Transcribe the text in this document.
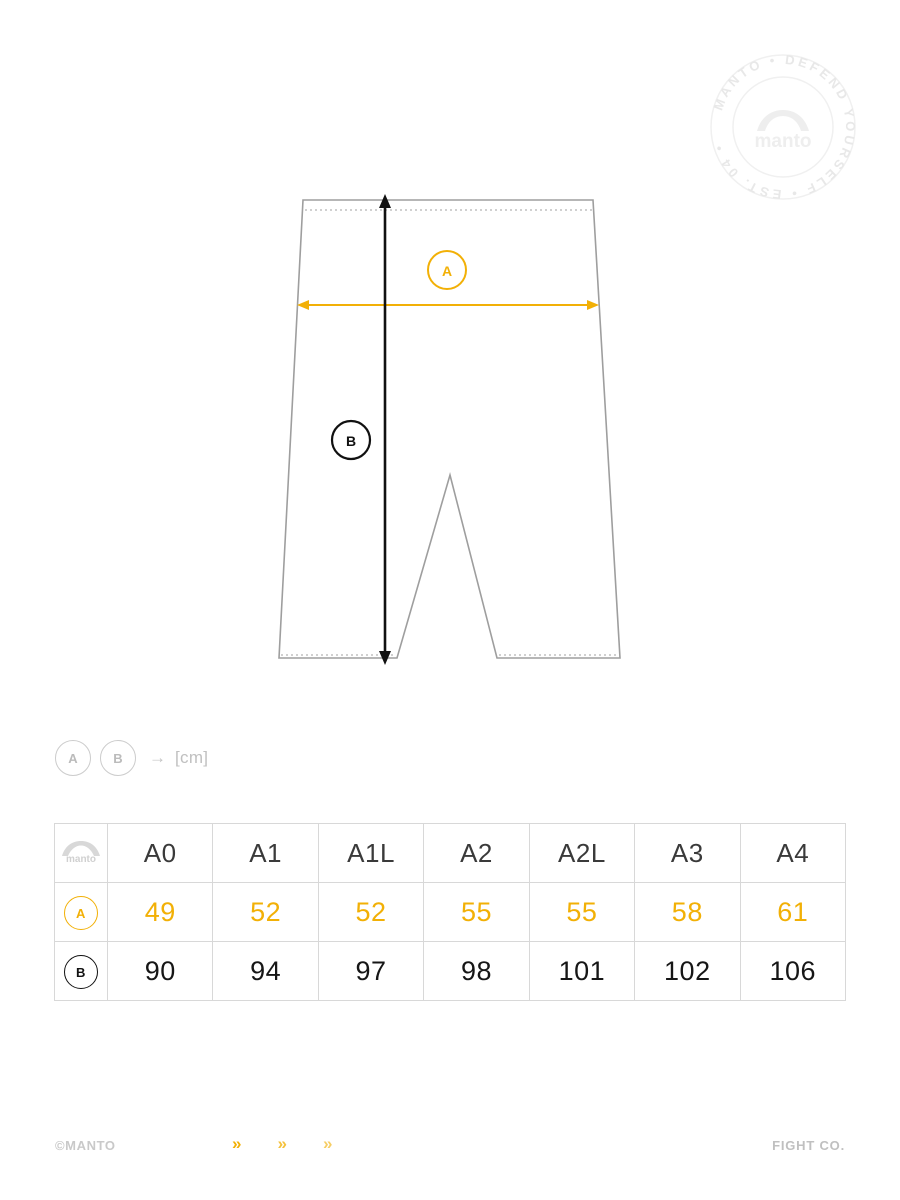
MANTO • DEFEND YOURSELF • EST. 04 •	manto
A
B
A	B	→ [cm]
manto	A0	A1	A1L	A2	A2L	A3	A4
A	49	52	52	55	55	58	61
B	90	94	97	98	101	102	106
©MANTO	» » »	FIGHT CO.
